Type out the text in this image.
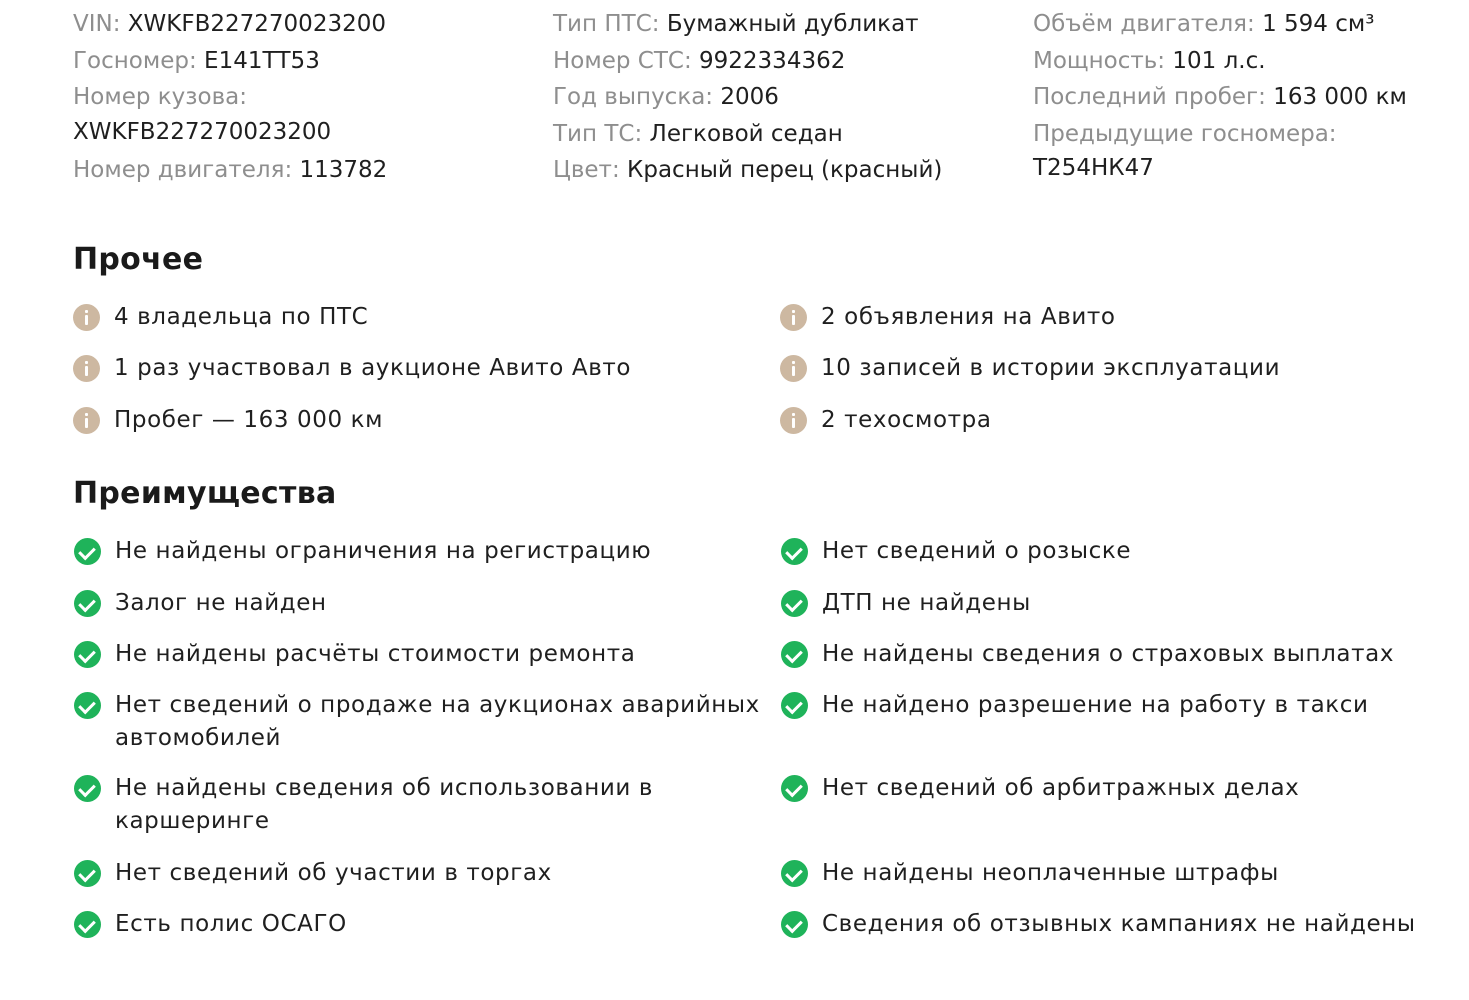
VIN: XWKFB227270023200
Госномер: Е141ТТ53
Номер кузова:
XWKFB227270023200
Номер двигателя: 113782
Тип ПТС: Бумажный дубликат
Номер СТС: 9922334362
Год выпуска: 2006
Тип ТС: Легковой седан
Цвет: Красный перец (красный)
Объём двигателя: 1 594 см³
Мощность: 101 л.с.
Последний пробег: 163 000 км
Предыдущие госномера:
Т254НК47
Прочее
4 владельца по ПТС
1 раз участвовал в аукционе Авито Авто
Пробег — 163 000 км
2 объявления на Авито
10 записей в истории эксплуатации
2 техосмотра
Преимущества
Не найдены ограничения на регистрацию
Залог не найден
Не найдены расчёты стоимости ремонта
Нет сведений о продаже на аукционах аварийных автомобилей
Не найдены сведения об использовании в каршеринге
Нет сведений об участии в торгах
Есть полис ОСАГО
Нет сведений о розыске
ДТП не найдены
Не найдены сведения о страховых выплатах
Не найдено разрешение на работу в такси
Нет сведений об арбитражных делах
Не найдены неоплаченные штрафы
Сведения об отзывных кампаниях не найдены
